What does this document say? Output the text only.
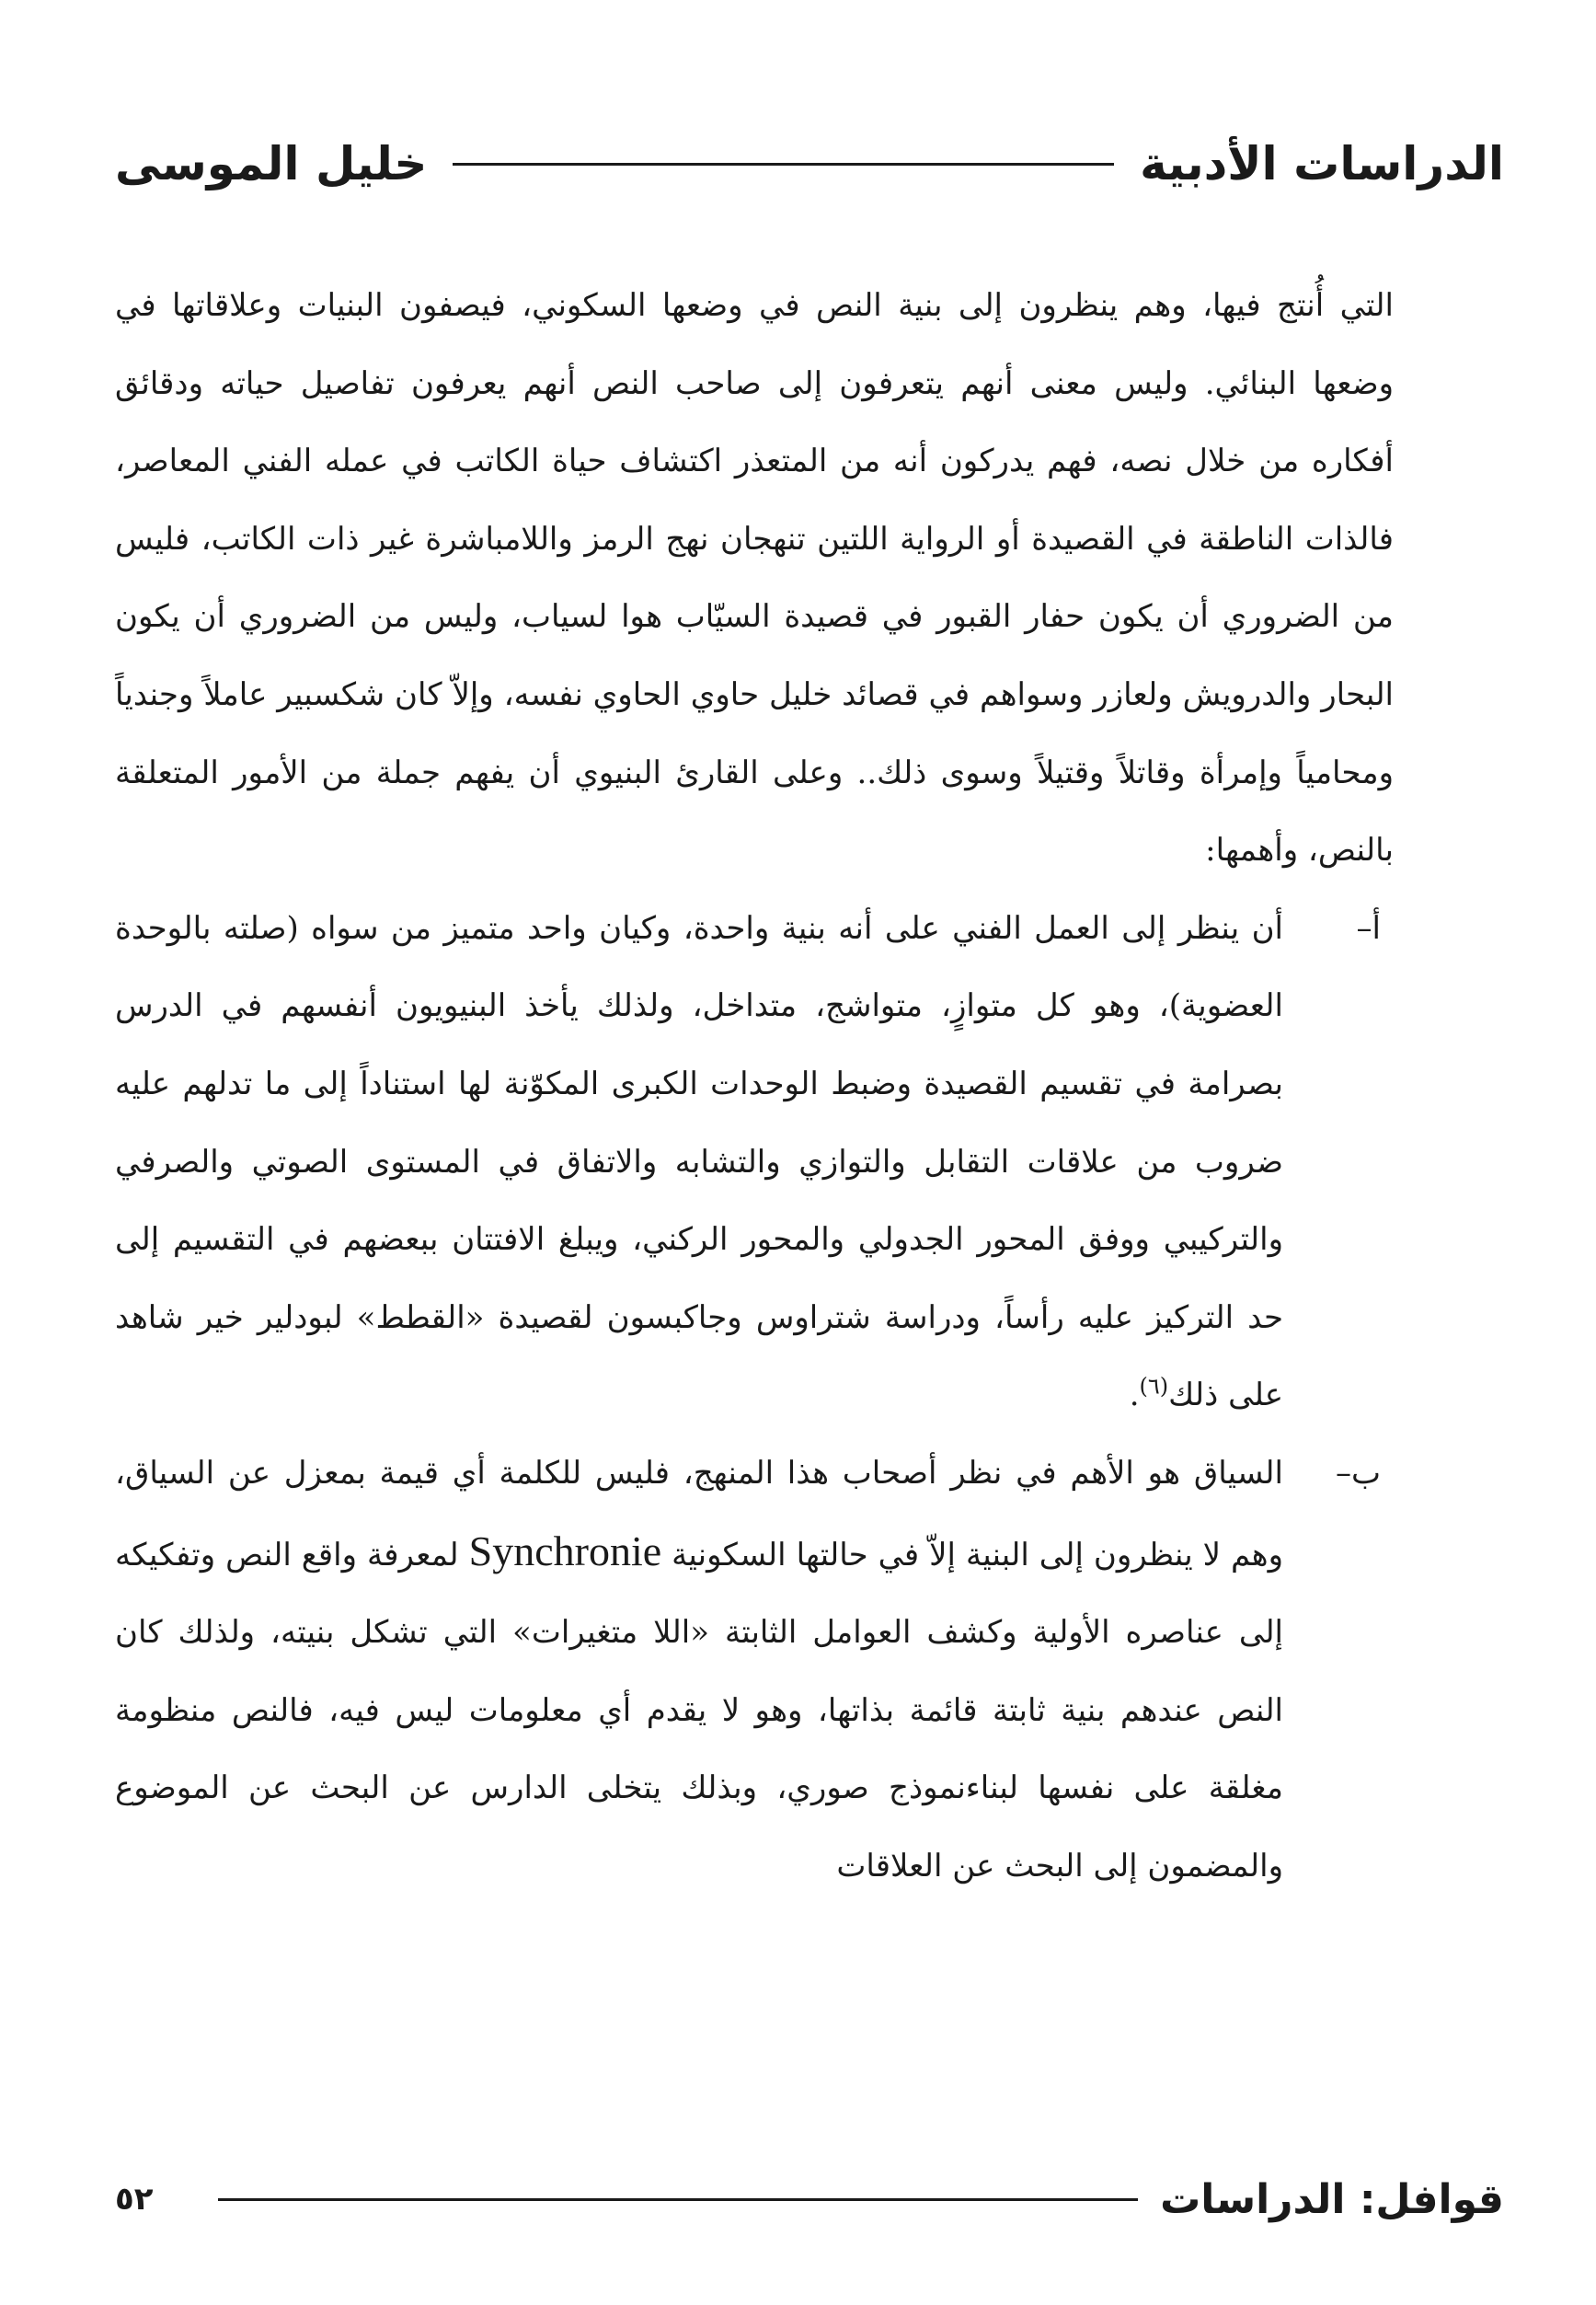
الدراسات الأدبية
خليل الموسى

التي أُنتج فيها، وهم ينظرون إلى بنية النص في وضعها السكوني، فيصفون البنيات وعلاقاتها في وضعها البنائي. وليس معنى أنهم يتعرفون إلى صاحب النص أنهم يعرفون تفاصيل حياته ودقائق أفكاره من خلال نصه، فهم يدركون أنه من المتعذر اكتشاف حياة الكاتب في عمله الفني المعاصر، فالذات الناطقة في القصيدة أو الرواية اللتين تنهجان نهج الرمز واللامباشرة غير ذات الكاتب، فليس من الضروري أن يكون حفار القبور في قصيدة السيّاب هوا لسياب، وليس من الضروري أن يكون البحار والدرويش ولعازر وسواهم في قصائد خليل حاوي الحاوي نفسه، وإلاّ كان شكسبير عاملاً وجندياً ومحامياً وإمرأة وقاتلاً وقتيلاً وسوى ذلك.. وعلى القارئ البنيوي أن يفهم جملة من الأمور المتعلقة بالنص، وأهمها:

أ–
أن ينظر إلى العمل الفني على أنه بنية واحدة، وكيان واحد متميز من سواه (صلته بالوحدة العضوية)، وهو كل متوازٍ، متواشج، متداخل، ولذلك يأخذ البنيويون أنفسهم في الدرس بصرامة في تقسيم القصيدة وضبط الوحدات الكبرى المكوّنة لها استناداً إلى ما تدلهم عليه ضروب من علاقات التقابل والتوازي والتشابه والاتفاق في المستوى الصوتي والصرفي والتركيبي ووفق المحور الجدولي والمحور الركني، ويبلغ الافتتان ببعضهم في التقسيم إلى حد التركيز عليه رأساً، ودراسة شتراوس وجاكبسون لقصيدة «القطط» لبودلير خير شاهد على ذلك$^{(٦)}$.
ب–
السياق هو الأهم في نظر أصحاب هذا المنهج، فليس للكلمة أي قيمة بمعزل عن السياق، وهم لا ينظرون إلى البنية إلاّ في حالتها السكونية Synchronie لمعرفة واقع النص وتفكيكه إلى عناصره الأولية وكشف العوامل الثابتة «اللا متغيرات» التي تشكل بنيته، ولذلك كان النص عندهم بنية ثابتة قائمة بذاتها، وهو لا يقدم أي معلومات ليس فيه، فالنص منظومة مغلقة على نفسها لبناءنموذج صوري، وبذلك يتخلى الدارس عن البحث عن الموضوع والمضمون إلى البحث عن العلاقات
قوافل: الدراسات
٥٢
